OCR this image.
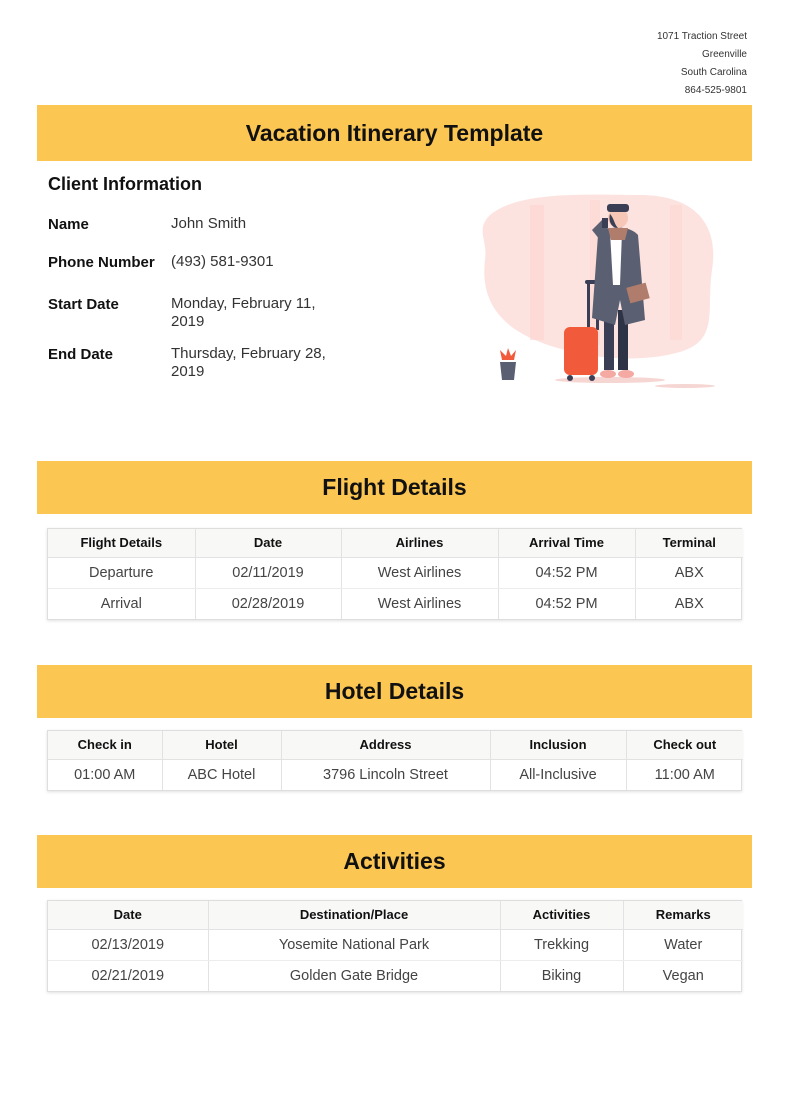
1071 Traction Street
Greenville
South Carolina
864-525-9801
Vacation Itinerary Template
Client Information
Name	John Smith
Phone Number	(493) 581-9301
Start Date	Monday, February 11, 2019
End Date	Thursday, February 28, 2019
Flight Details
Flight Details	Date	Airlines	Arrival Time	Terminal
Departure	02/11/2019	West Airlines	04:52 PM	ABX
Arrival	02/28/2019	West Airlines	04:52 PM	ABX
Hotel Details
Check in	Hotel	Address	Inclusion	Check out
01:00 AM	ABC Hotel	3796 Lincoln Street	All-Inclusive	11:00 AM
Activities
Date	Destination/Place	Activities	Remarks
02/13/2019	Yosemite National Park	Trekking	Water
02/21/2019	Golden Gate Bridge	Biking	Vegan
